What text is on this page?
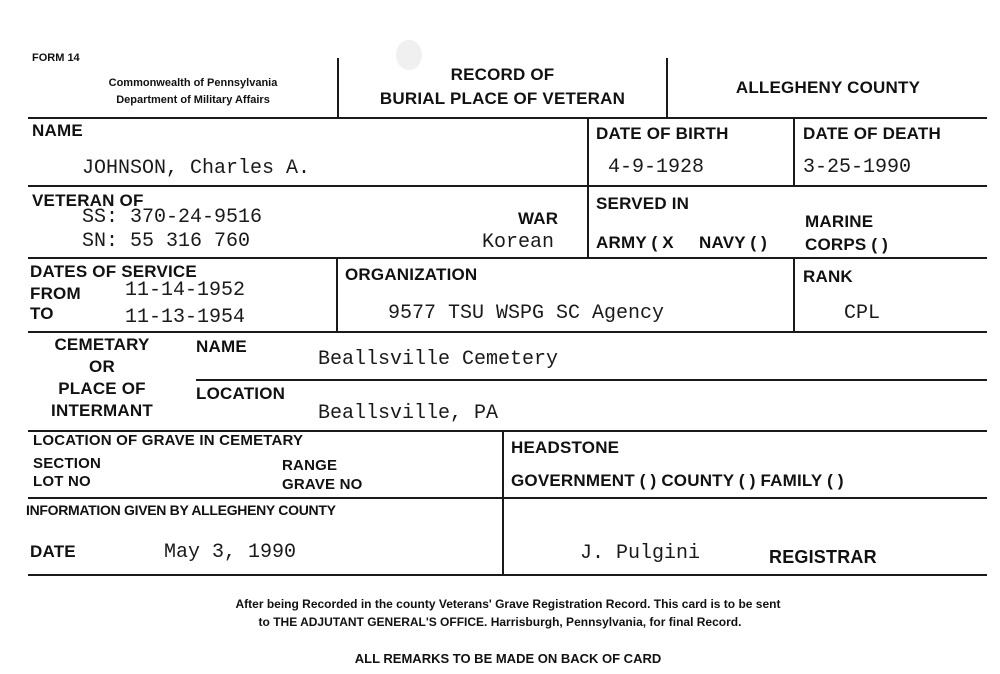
FORM 14
Commonwealth of Pennsylvania
Department of Military Affairs
RECORD OF
BURIAL PLACE OF VETERAN
ALLEGHENY COUNTY
NAME
JOHNSON, Charles A.
DATE OF BIRTH
4-9-1928
DATE OF DEATH
3-25-1990
VETERAN OF
SS: 370-24-9516
SN: 55 316 760
WAR
Korean
SERVED IN
ARMY ( X NAVY ( )
MARINE
CORPS ( )
DATES OF SERVICE
FROM 11-14-1952
TO	11-13-1954
ORGANIZATION
9577 TSU WSPG SC Agency
RANK
CPL
CEMETARY
OR
PLACE OF
INTERMANT
NAME
Beallsville Cemetery
LOCATION
Beallsville, PA
LOCATION OF GRAVE IN CEMETARY
SECTION
LOT NO
RANGE
GRAVE NO
HEADSTONE
GOVERNMENT ( ) COUNTY ( ) FAMILY ( )
INFORMATION GIVEN BY ALLEGHENY COUNTY
DATE	May 3, 1990	J. Pulgini	REGISTRAR
After being Recorded in the county Veterans' Grave Registration Record. This card is to be sent
to THE ADJUTANT GENERAL'S OFFICE. Harrisburgh, Pennsylvania, for final Record.
ALL REMARKS TO BE MADE ON BACK OF CARD
